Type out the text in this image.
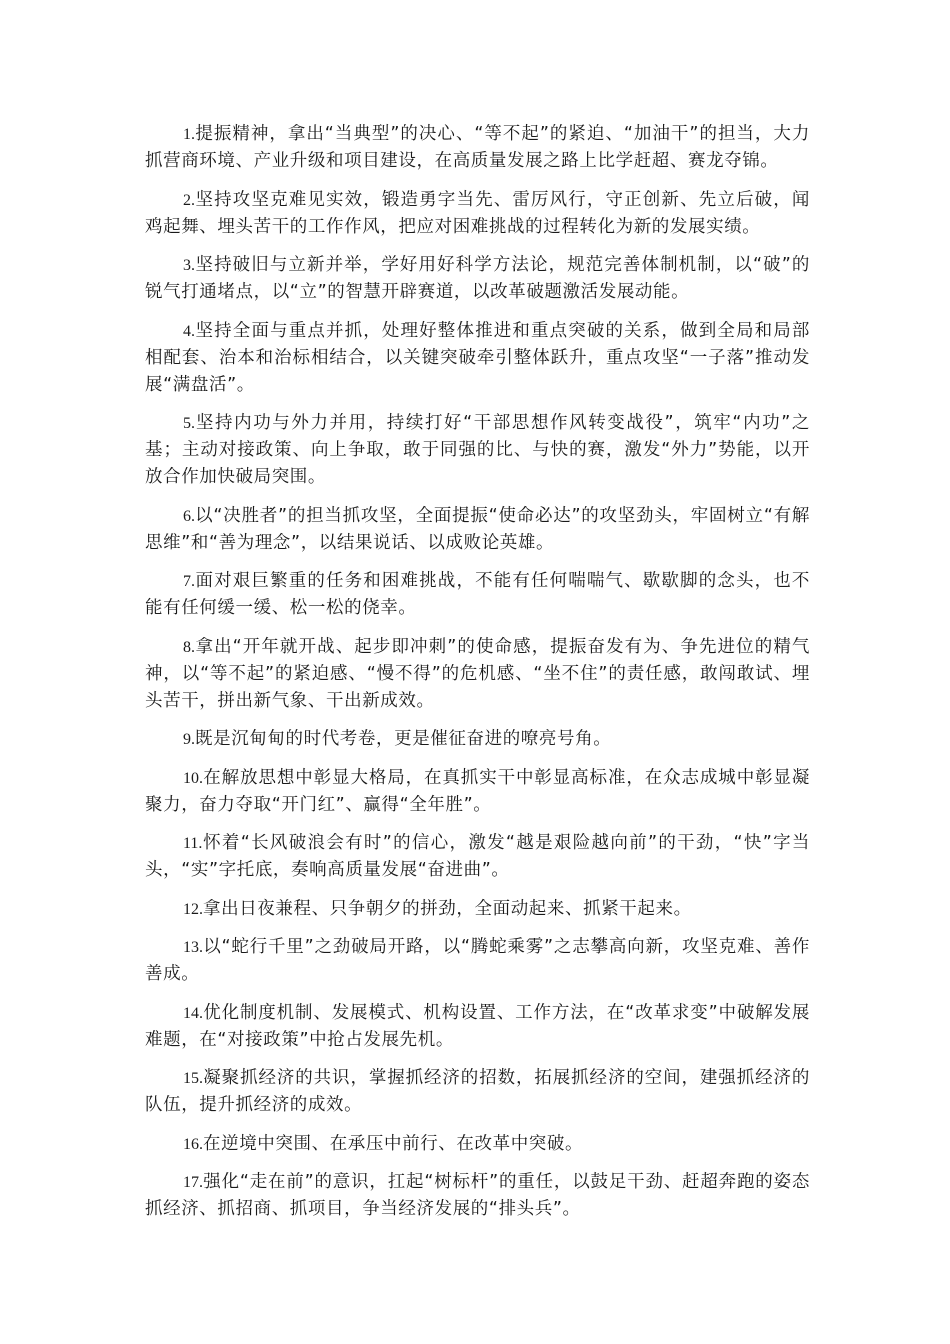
1.提振精神，拿出“当典型”的决心、“等不起”的紧迫、“加油干”的担当，大力抓营商环境、产业升级和项目建设，在高质量发展之路上比学赶超、赛龙夺锦。

2.坚持攻坚克难见实效，锻造勇字当先、雷厉风行，守正创新、先立后破，闻鸡起舞、埋头苦干的工作作风，把应对困难挑战的过程转化为新的发展实绩。

3.坚持破旧与立新并举，学好用好科学方法论，规范完善体制机制，以“破”的锐气打通堵点，以“立”的智慧开辟赛道，以改革破题激活发展动能。

4.坚持全面与重点并抓，处理好整体推进和重点突破的关系，做到全局和局部相配套、治本和治标相结合，以关键突破牵引整体跃升，重点攻坚“一子落”推动发展“满盘活”。

5.坚持内功与外力并用，持续打好“干部思想作风转变战役”，筑牢“内功”之基；主动对接政策、向上争取，敢于同强的比、与快的赛，激发“外力”势能，以开放合作加快破局突围。

6.以“决胜者”的担当抓攻坚，全面提振“使命必达”的攻坚劲头，牢固树立“有解思维”和“善为理念”，以结果说话、以成败论英雄。

7.面对艰巨繁重的任务和困难挑战，不能有任何喘喘气、歇歇脚的念头，也不能有任何缓一缓、松一松的侥幸。

8.拿出“开年就开战、起步即冲刺”的使命感，提振奋发有为、争先进位的精气神，以“等不起”的紧迫感、“慢不得”的危机感、“坐不住”的责任感，敢闯敢试、埋头苦干，拼出新气象、干出新成效。

9.既是沉甸甸的时代考卷，更是催征奋进的嘹亮号角。

10.在解放思想中彰显大格局，在真抓实干中彰显高标准，在众志成城中彰显凝聚力，奋力夺取“开门红”、赢得“全年胜”。

11.怀着“长风破浪会有时”的信心，激发“越是艰险越向前”的干劲，“快”字当头，“实”字托底，奏响高质量发展“奋进曲”。

12.拿出日夜兼程、只争朝夕的拼劲，全面动起来、抓紧干起来。

13.以“蛇行千里”之劲破局开路，以“腾蛇乘雾”之志攀高向新，攻坚克难、善作善成。

14.优化制度机制、发展模式、机构设置、工作方法，在“改革求变”中破解发展难题，在“对接政策”中抢占发展先机。

15.凝聚抓经济的共识，掌握抓经济的招数，拓展抓经济的空间，建强抓经济的队伍，提升抓经济的成效。

16.在逆境中突围、在承压中前行、在改革中突破。

17.强化“走在前”的意识，扛起“树标杆”的重任，以鼓足干劲、赶超奔跑的姿态抓经济、抓招商、抓项目，争当经济发展的“排头兵”。
